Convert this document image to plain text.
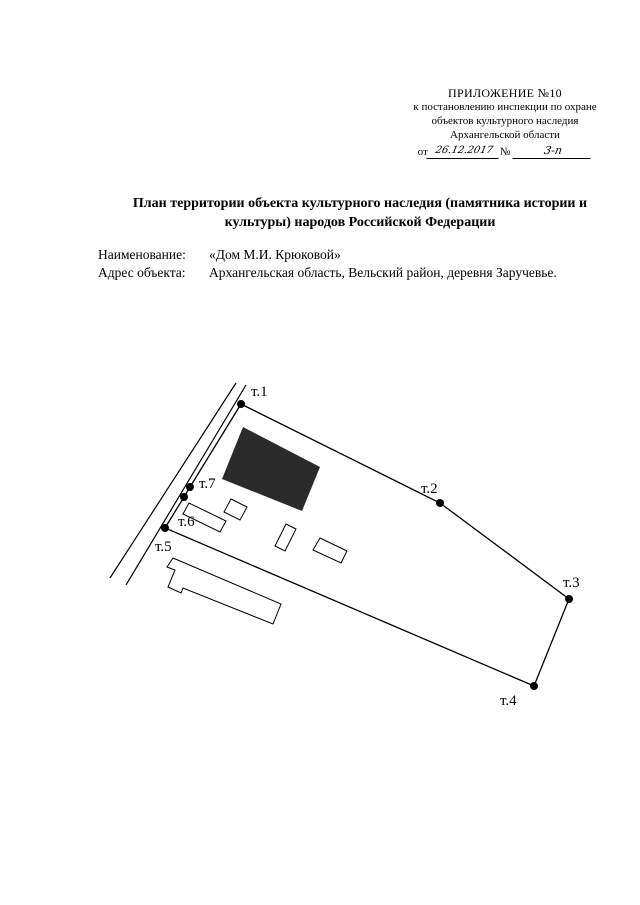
ПРИЛОЖЕНИЕ №10
к постановлению инспекции по охране
объектов культурного наследия
Архангельской области
от 26.12.2017 №	3-п
План территории объекта культурного наследия (памятника истории и
культуры) народов Российской Федерации
Наименование:	«Дом М.И. Крюковой»
Адрес объекта:	Архангельская область, Вельский район, деревня Заручевье.
т.1
т.2
т.3
т.4
т.5
т.6
т.7
